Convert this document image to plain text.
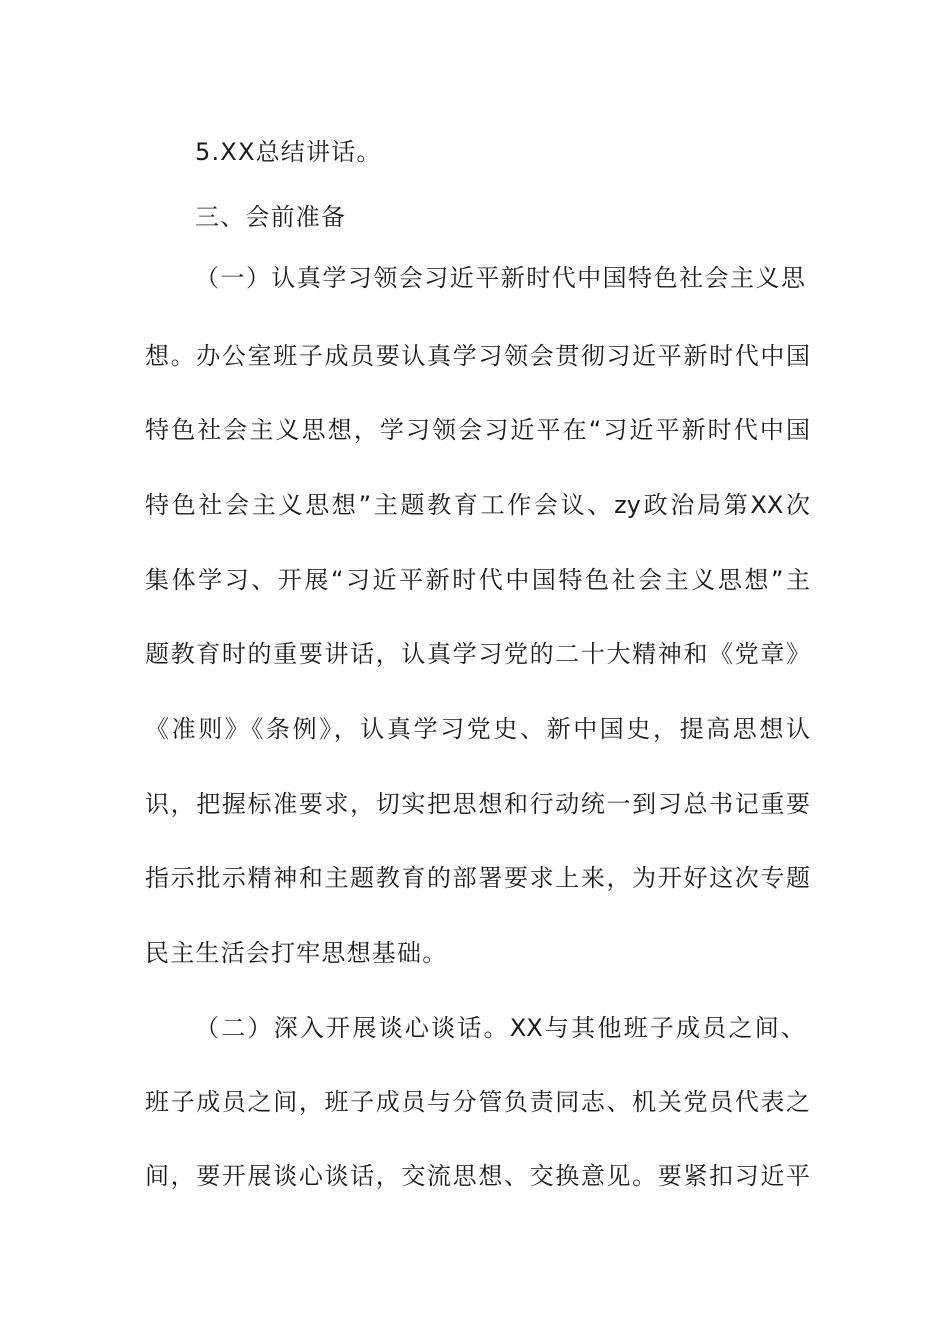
5.XX总结讲话。
三、会前准备
（一）认真学习领会习近平新时代中国特色社会主义思
想。办公室班子成员要认真学习领会贯彻习近平新时代中国
特色社会主义思想，学习领会习近平在“习近平新时代中国
特色社会主义思想”主题教育工作会议、zy政治局第XX次
集体学习、开展“习近平新时代中国特色社会主义思想”主
题教育时的重要讲话，认真学习党的二十大精神和《党章》
《准则》《条例》，认真学习党史、新中国史，提高思想认
识，把握标准要求，切实把思想和行动统一到习总书记重要
指示批示精神和主题教育的部署要求上来，为开好这次专题
民主生活会打牢思想基础。
（二）深入开展谈心谈话。XX与其他班子成员之间、
班子成员之间，班子成员与分管负责同志、机关党员代表之
间，要开展谈心谈话，交流思想、交换意见。要紧扣习近平
